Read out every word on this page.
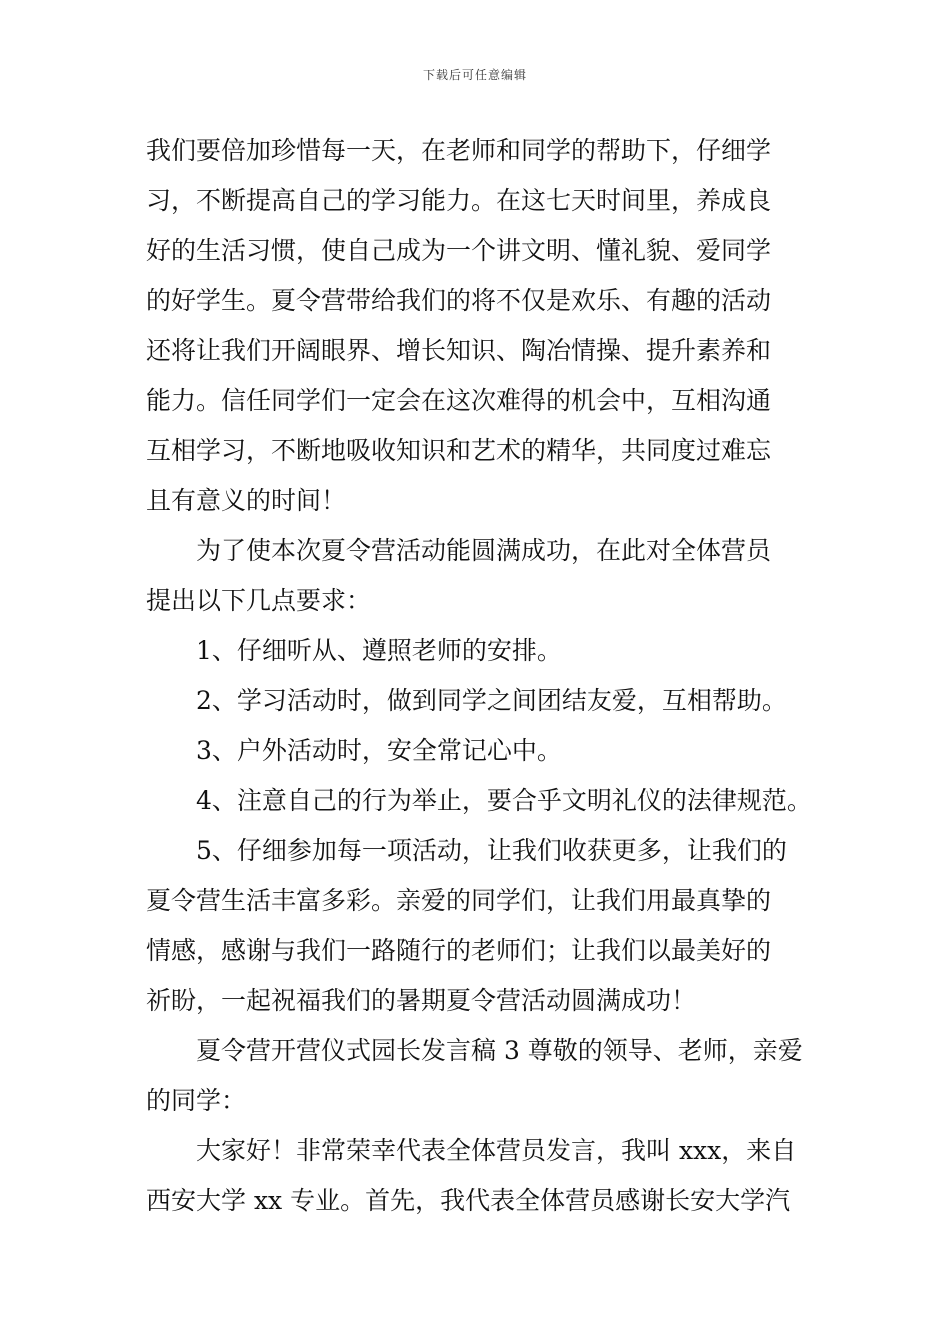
下载后可任意编辑
我们要倍加珍惜每一天，在老师和同学的帮助下，仔细学
习，不断提高自己的学习能力。在这七天时间里，养成良
好的生活习惯，使自己成为一个讲文明、懂礼貌、爱同学
的好学生。夏令营带给我们的将不仅是欢乐、有趣的活动
还将让我们开阔眼界、增长知识、陶冶情操、提升素养和
能力。信任同学们一定会在这次难得的机会中，互相沟通
互相学习，不断地吸收知识和艺术的精华，共同度过难忘
且有意义的时间！
为了使本次夏令营活动能圆满成功，在此对全体营员
提出以下几点要求：
1、仔细听从、遵照老师的安排。
2、学习活动时，做到同学之间团结友爱，互相帮助。
3、户外活动时，安全常记心中。
4、注意自己的行为举止，要合乎文明礼仪的法律规范。
5、仔细参加每一项活动，让我们收获更多，让我们的
夏令营生活丰富多彩。亲爱的同学们，让我们用最真挚的
情感，感谢与我们一路随行的老师们；让我们以最美好的
祈盼，一起祝福我们的暑期夏令营活动圆满成功！
夏令营开营仪式园长发言稿 3 尊敬的领导、老师，亲爱
的同学：
大家好！非常荣幸代表全体营员发言，我叫 xxx，来自
西安大学 xx 专业。首先，我代表全体营员感谢长安大学汽
